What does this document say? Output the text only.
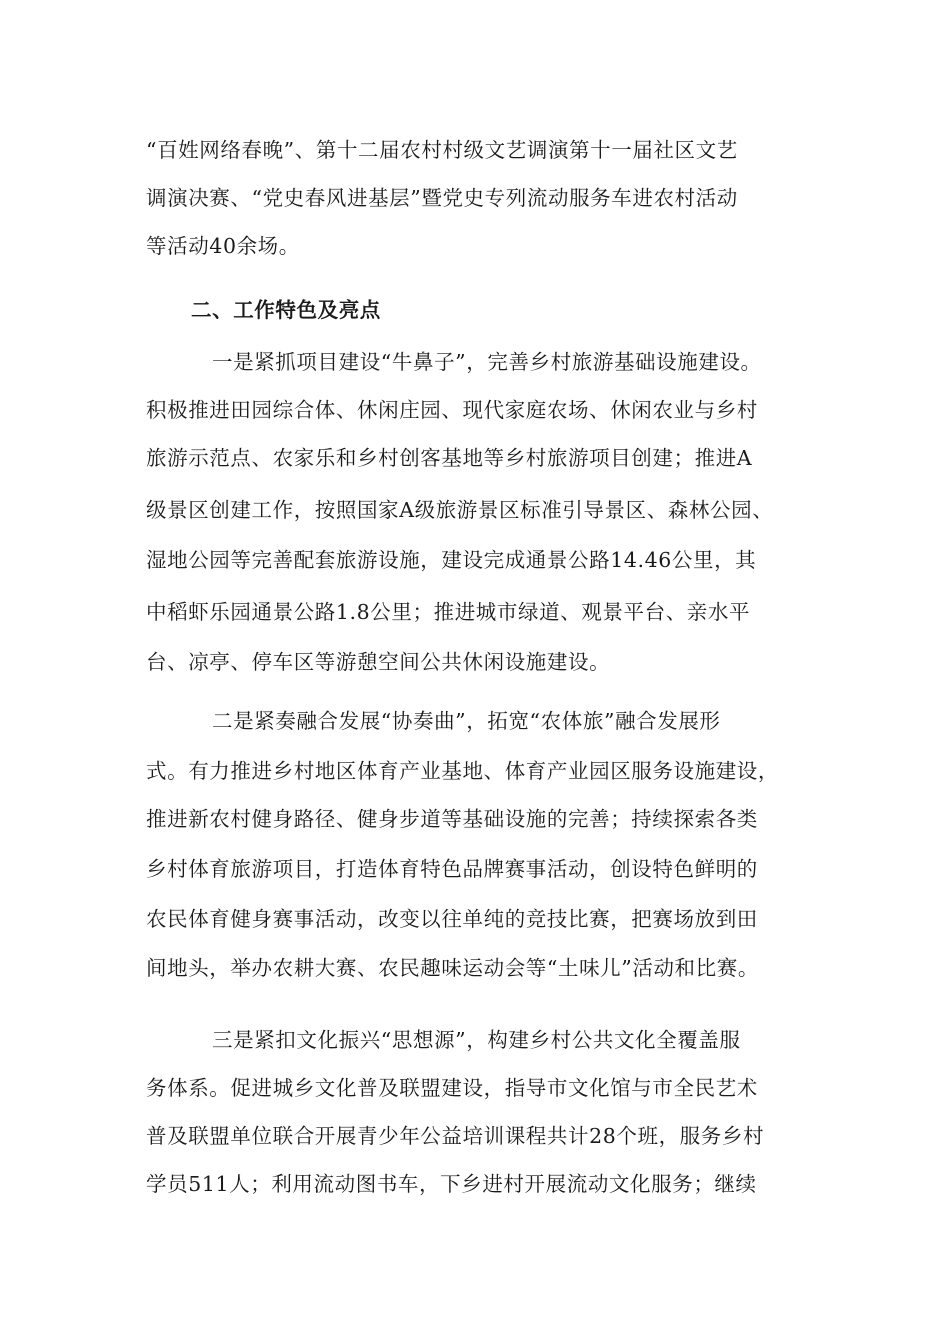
“百姓网络春晚”、第十二届农村村级文艺调演第十一届社区文艺
调演决赛、“党史春风进基层”暨党史专列流动服务车进农村活动
等活动40余场。
二、工作特色及亮点
一是紧抓项目建设“牛鼻子”，完善乡村旅游基础设施建设。
积极推进田园综合体、休闲庄园、现代家庭农场、休闲农业与乡村
旅游示范点、农家乐和乡村创客基地等乡村旅游项目创建；推进A
级景区创建工作，按照国家A级旅游景区标准引导景区、森林公园、
湿地公园等完善配套旅游设施，建设完成通景公路14.46公里，其
中稻虾乐园通景公路1.8公里；推进城市绿道、观景平台、亲水平
台、凉亭、停车区等游憩空间公共休闲设施建设。
二是紧奏融合发展“协奏曲”，拓宽“农体旅”融合发展形
式。有力推进乡村地区体育产业基地、体育产业园区服务设施建设，
推进新农村健身路径、健身步道等基础设施的完善；持续探索各类
乡村体育旅游项目，打造体育特色品牌赛事活动，创设特色鲜明的
农民体育健身赛事活动，改变以往单纯的竞技比赛，把赛场放到田
间地头，举办农耕大赛、农民趣味运动会等“土味儿”活动和比赛。
三是紧扣文化振兴“思想源”，构建乡村公共文化全覆盖服
务体系。促进城乡文化普及联盟建设，指导市文化馆与市全民艺术
普及联盟单位联合开展青少年公益培训课程共计28个班，服务乡村
学员511人；利用流动图书车，下乡进村开展流动文化服务；继续
